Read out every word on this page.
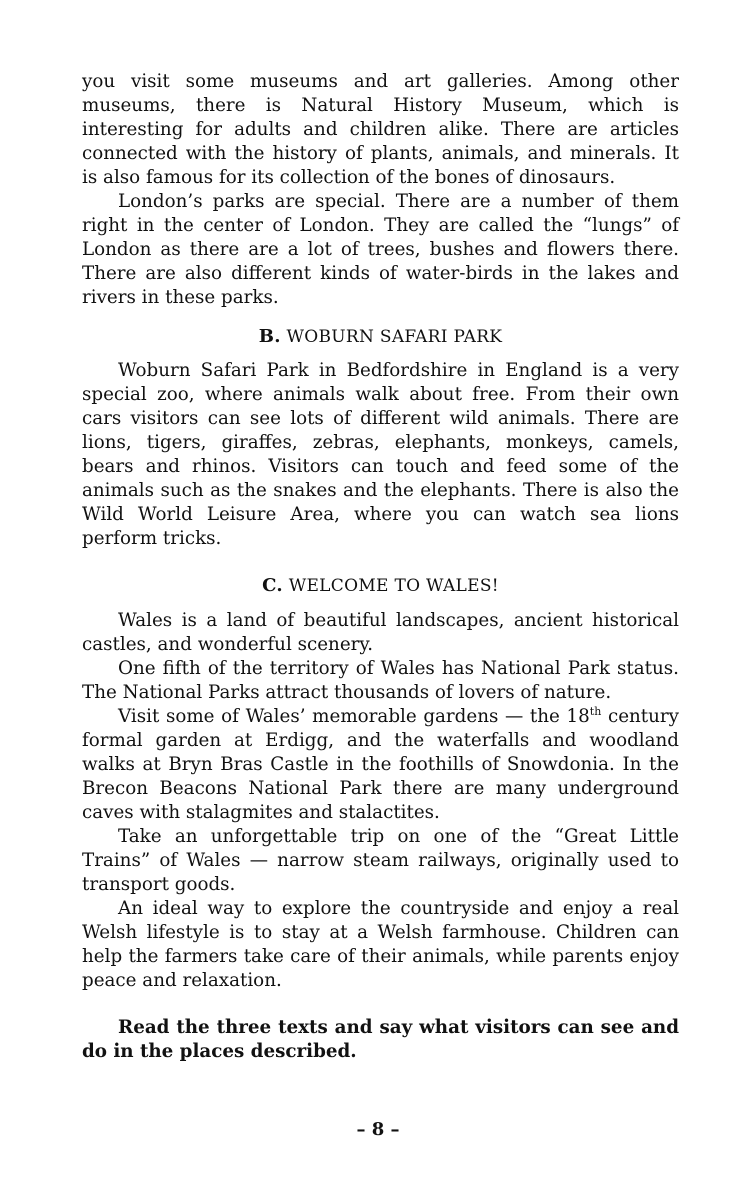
you visit some museums and art galleries. Among other museums, there is Natural History Museum, which is interesting for adults and children alike. There are articles connected with the history of plants, animals, and minerals. It is also famous for its collection of the bones of dinosaurs.

London’s parks are special. There are a number of them right in the center of London. They are called the “lungs” of London as there are a lot of trees, bushes and flowers there. There are also different kinds of water-birds in the lakes and rivers in these parks.

B. WOBURN SAFARI PARK

Woburn Safari Park in Bedfordshire in England is a very special zoo, where animals walk about free. From their own cars visitors can see lots of different wild animals. There are lions, tigers, giraffes, zebras, elephants, monkeys, camels, bears and rhinos. Visitors can touch and feed some of the animals such as the snakes and the elephants. There is also the Wild World Leisure Area, where you can watch sea lions perform tricks.

C. WELCOME TO WALES!

Wales is a land of beautiful landscapes, ancient historical castles, and wonderful scenery.

One fifth of the territory of Wales has National Park status. The National Parks attract thousands of lovers of nature.

Visit some of Wales’ memorable gardens — the 18th century formal garden at Erdigg, and the waterfalls and woodland walks at Bryn Bras Castle in the foothills of Snowdonia. In the Brecon Beacons National Park there are many underground caves with stalagmites and stalactites.

Take an unforgettable trip on one of the “Great Little Trains” of Wales — narrow steam railways, originally used to transport goods.

An ideal way to explore the countryside and enjoy a real Welsh lifestyle is to stay at a Welsh farmhouse. Children can help the farmers take care of their animals, while parents enjoy peace and relaxation.

Read the three texts and say what visitors can see and do in the places described.

– 8 –
